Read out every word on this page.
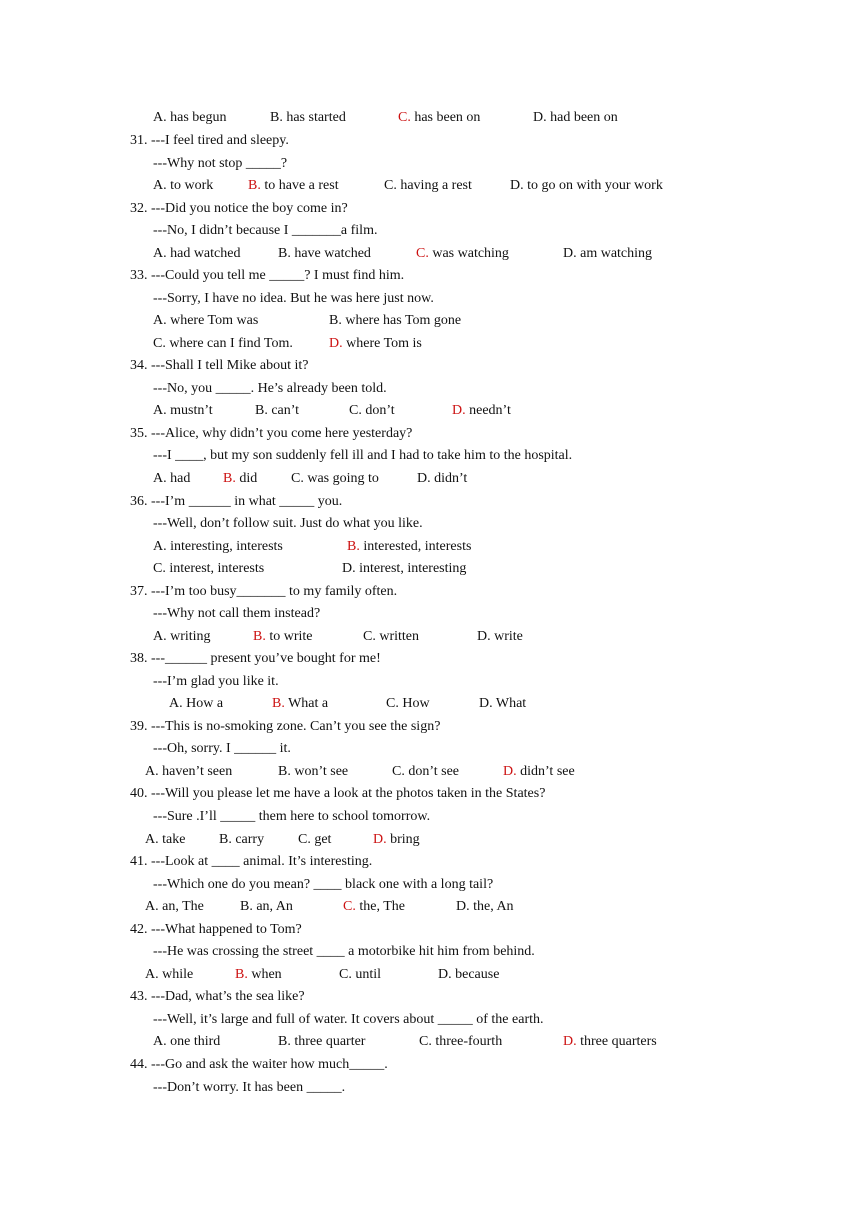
A. has begun	B. has started	C. has been on	D. had been on
31. ---I feel tired and sleepy.
---Why not stop _____?
A. to work B. to have a rest	C. having a rest	D. to go on with your work
32. ---Did you notice the boy come in?
---No, I didn’t because I _______a film.
A. had watched	B. have watched	C. was watching	D. am watching
33. ---Could you tell me _____? I must find him.
---Sorry, I have no idea. But he was here just now.
A. where Tom was	B. where has Tom gone
C. where can I find Tom.	D. where Tom is
34. ---Shall I tell Mike about it?
---No, you _____. He’s already been told.
A. mustn’t	B. can’t	C. don’t	D. needn’t
35. ---Alice, why didn’t you come here yesterday?
---I ____, but my son suddenly fell ill and I had to take him to the hospital.
A. had B. did C. was going to	D. didn’t
36. ---I’m ______ in what _____ you.
---Well, don’t follow suit. Just do what you like.
A. interesting, interests	B. interested, interests
C. interest, interests	D. interest, interesting
37. ---I’m too busy_______ to my family often.
---Why not call them instead?
A. writing	B. to write	C. written	D. write
38. ---______ present you’ve bought for me!
---I’m glad you like it.
A. How a	B. What a	C. How	D. What
39. ---This is no-smoking zone. Can’t you see the sign?
---Oh, sorry. I ______ it.
A. haven’t seen	B. won’t see	C. don’t see	D. didn’t see
40. ---Will you please let me have a look at the photos taken in the States?
---Sure .I’ll _____ them here to school tomorrow.
A. take B. carry C. get	D. bring
41. ---Look at ____ animal. It’s interesting.
---Which one do you mean? ____ black one with a long tail?
A. an, The	B. an, An	C. the, The	D. the, An
42. ---What happened to Tom?
---He was crossing the street ____ a motorbike hit him from behind.
A. while	B. when	C. until	D. because
43. ---Dad, what’s the sea like?
---Well, it’s large and full of water. It covers about _____ of the earth.
A. one third	B. three quarter	C. three-fourth	D. three quarters
44. ---Go and ask the waiter how much_____.
---Don’t worry. It has been _____.
